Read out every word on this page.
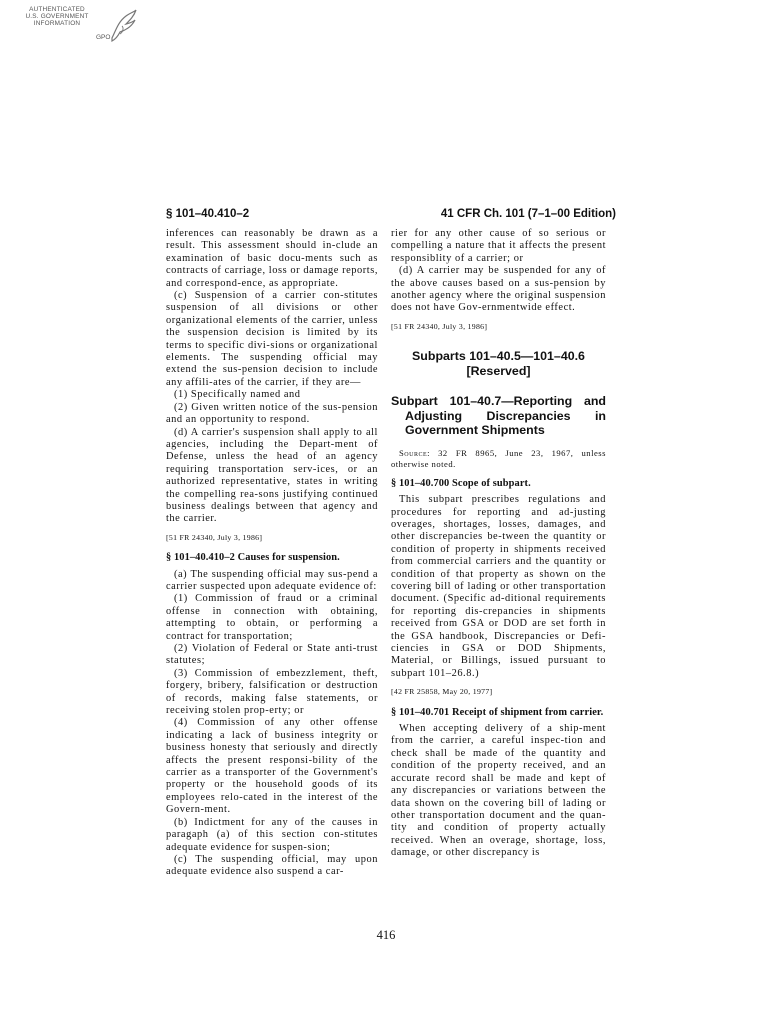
AUTHENTICATED
U.S. GOVERNMENT
INFORMATION
GPO
§ 101–40.410–2	41 CFR Ch. 101 (7–1–00 Edition)

inferences can reasonably be drawn as a result. This assessment should in-clude an examination of basic docu-ments such as contracts of carriage, loss or damage reports, and correspond-ence, as appropriate.

(c) Suspension of a carrier con-stitutes suspension of all divisions or other organizational elements of the carrier, unless the suspension decision is limited by its terms to specific divi-sions or organizational elements. The suspending official may extend the sus-pension decision to include any affili-ates of the carrier, if they are—

(1) Specifically named and

(2) Given written notice of the sus-pension and an opportunity to respond.

(d) A carrier's suspension shall apply to all agencies, including the Depart-ment of Defense, unless the head of an agency requiring transportation serv-ices, or an authorized representative, states in writing the compelling rea-sons justifying continued business dealings between that agency and the carrier.

[51 FR 24340, July 3, 1986]

§ 101–40.410–2 Causes for suspension.

(a) The suspending official may sus-pend a carrier suspected upon adequate evidence of:

(1) Commission of fraud or a criminal offense in connection with obtaining, attempting to obtain, or performing a contract for transportation;

(2) Violation of Federal or State anti-trust statutes;

(3) Commission of embezzlement, theft, forgery, bribery, falsification or destruction of records, making false statements, or receiving stolen prop-erty; or

(4) Commission of any other offense indicating a lack of business integrity or business honesty that seriously and directly affects the present responsi-bility of the carrier as a transporter of the Government's property or the household goods of its employees relo-cated in the interest of the Govern-ment.

(b) Indictment for any of the causes in paragaph (a) of this section con-stitutes adequate evidence for suspen-sion;

(c) The suspending official, may upon adequate evidence also suspend a car-

rier for any other cause of so serious or compelling a nature that it affects the present responsiblity of a carrier; or

(d) A carrier may be suspended for any of the above causes based on a sus-pension by another agency where the original suspension does not have Gov-ernmentwide effect.

[51 FR 24340, July 3, 1986]

Subparts 101–40.5—101–40.6
[Reserved]
Subpart 101–40.7—Reporting and Adjusting Discrepancies in Government Shipments

Source: 32 FR 8965, June 23, 1967, unless otherwise noted.

§ 101–40.700 Scope of subpart.

This subpart prescribes regulations and procedures for reporting and ad-justing overages, shortages, losses, damages, and other discrepancies be-tween the quantity or condition of property in shipments received from commercial carriers and the quantity or condition of that property as shown on the covering bill of lading or other transportation document. (Specific ad-ditional requirements for reporting dis-crepancies in shipments received from GSA or DOD are set forth in the GSA handbook, Discrepancies or Defi-ciencies in GSA or DOD Shipments, Material, or Billings, issued pursuant to subpart 101–26.8.)

[42 FR 25858, May 20, 1977]

§ 101–40.701 Receipt of shipment from carrier.

When accepting delivery of a ship-ment from the carrier, a careful inspec-tion and check shall be made of the quantity and condition of the property received, and an accurate record shall be made and kept of any discrepancies or variations between the data shown on the covering bill of lading or other transportation document and the quan-tity and condition of property actually received. When an overage, shortage, loss, damage, or other discrepancy is

416
